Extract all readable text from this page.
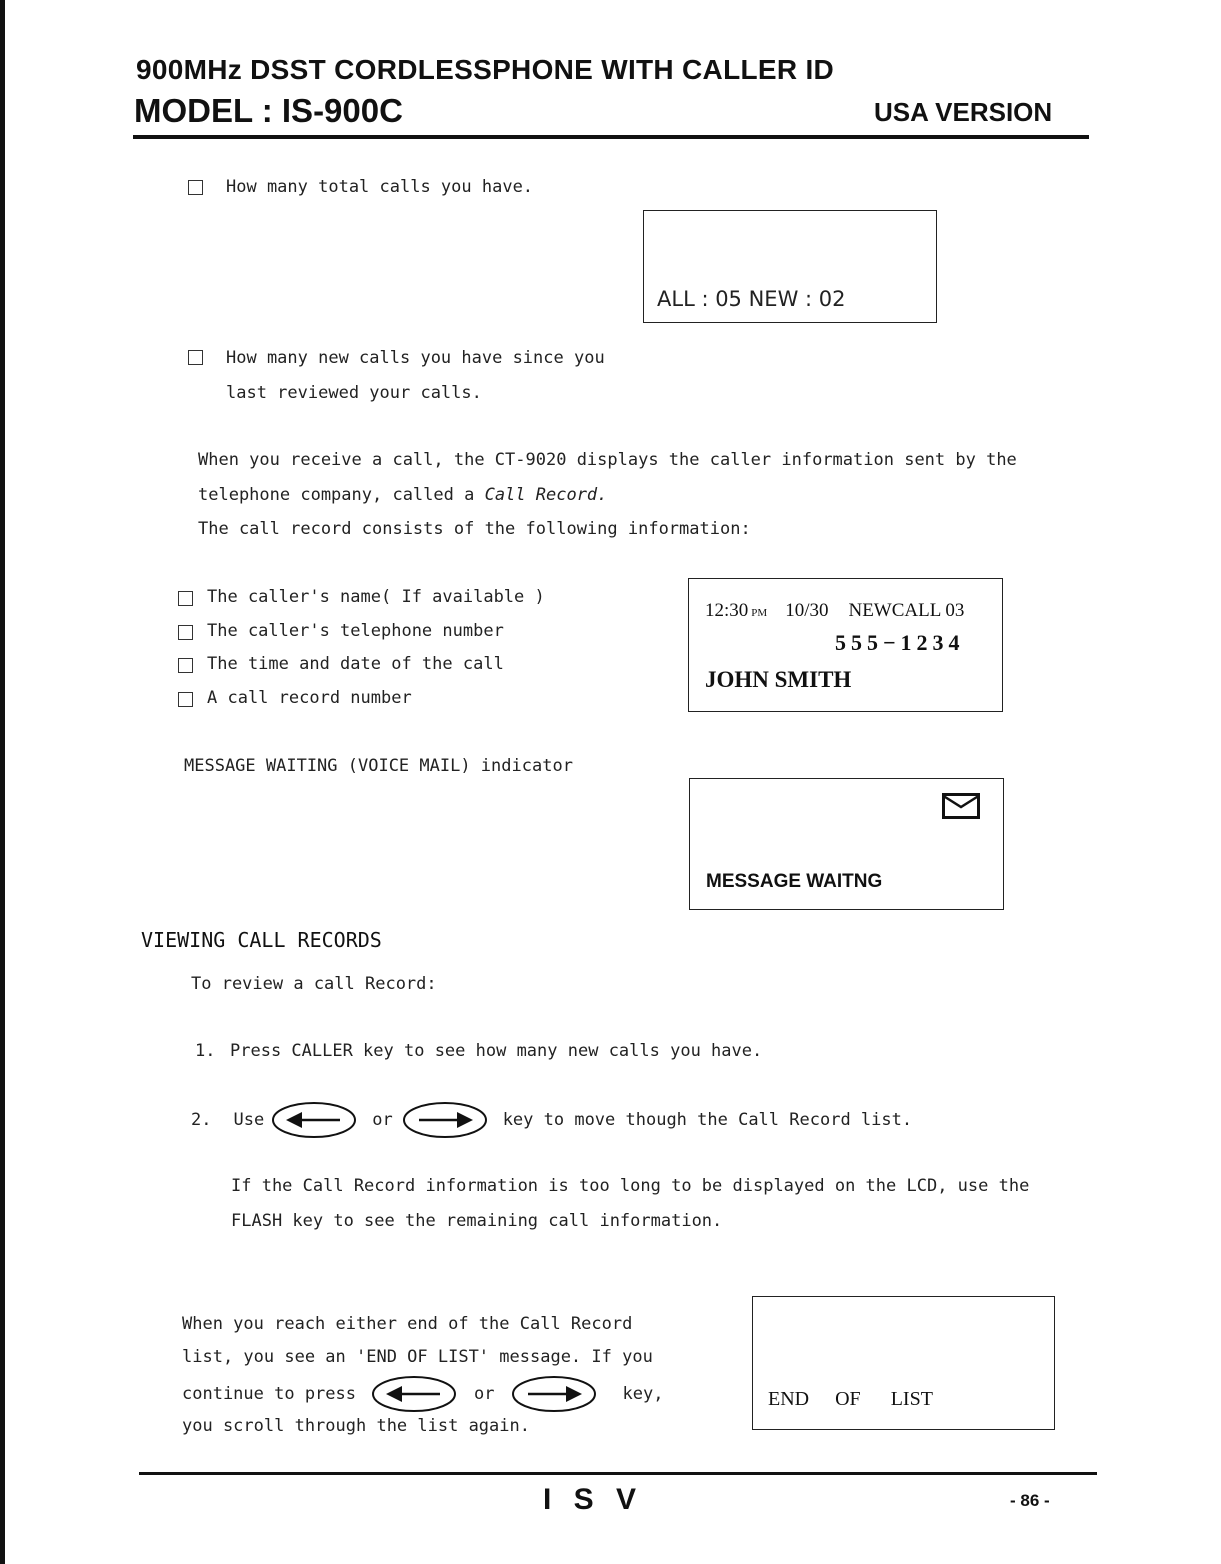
900MHz DSST CORDLESSPHONE WITH CALLER ID
MODEL : IS-900C	USA VERSION
How many total calls you have.
ALL : 05 NEW : 02
How many new calls you have since you
last reviewed your calls.
When you receive a call, the CT-9020 displays the caller information sent by the
telephone company, called a Call Record.
The call record consists of the following information:
The caller's name( If available )
The caller's telephone number
The time and date of the call
A call record number
12:30 PM 10/30 NEWCALL 03
555−1234
JOHN SMITH
MESSAGE WAITING (VOICE MAIL) indicator
MESSAGE WAITNG
VIEWING CALL RECORDS
To review a call Record:
1. Press CALLER key to see how many new calls you have.
2. Use	or	key to move though the Call Record list.
If the Call Record information is too long to be displayed on the LCD, use the
FLASH key to see the remaining call information.
When you reach either end of the Call Record
list, you see an 'END OF LIST' message. If you
continue to press	or	key,
you scroll through the list again.
END OF LIST
I S V	- 86 -
